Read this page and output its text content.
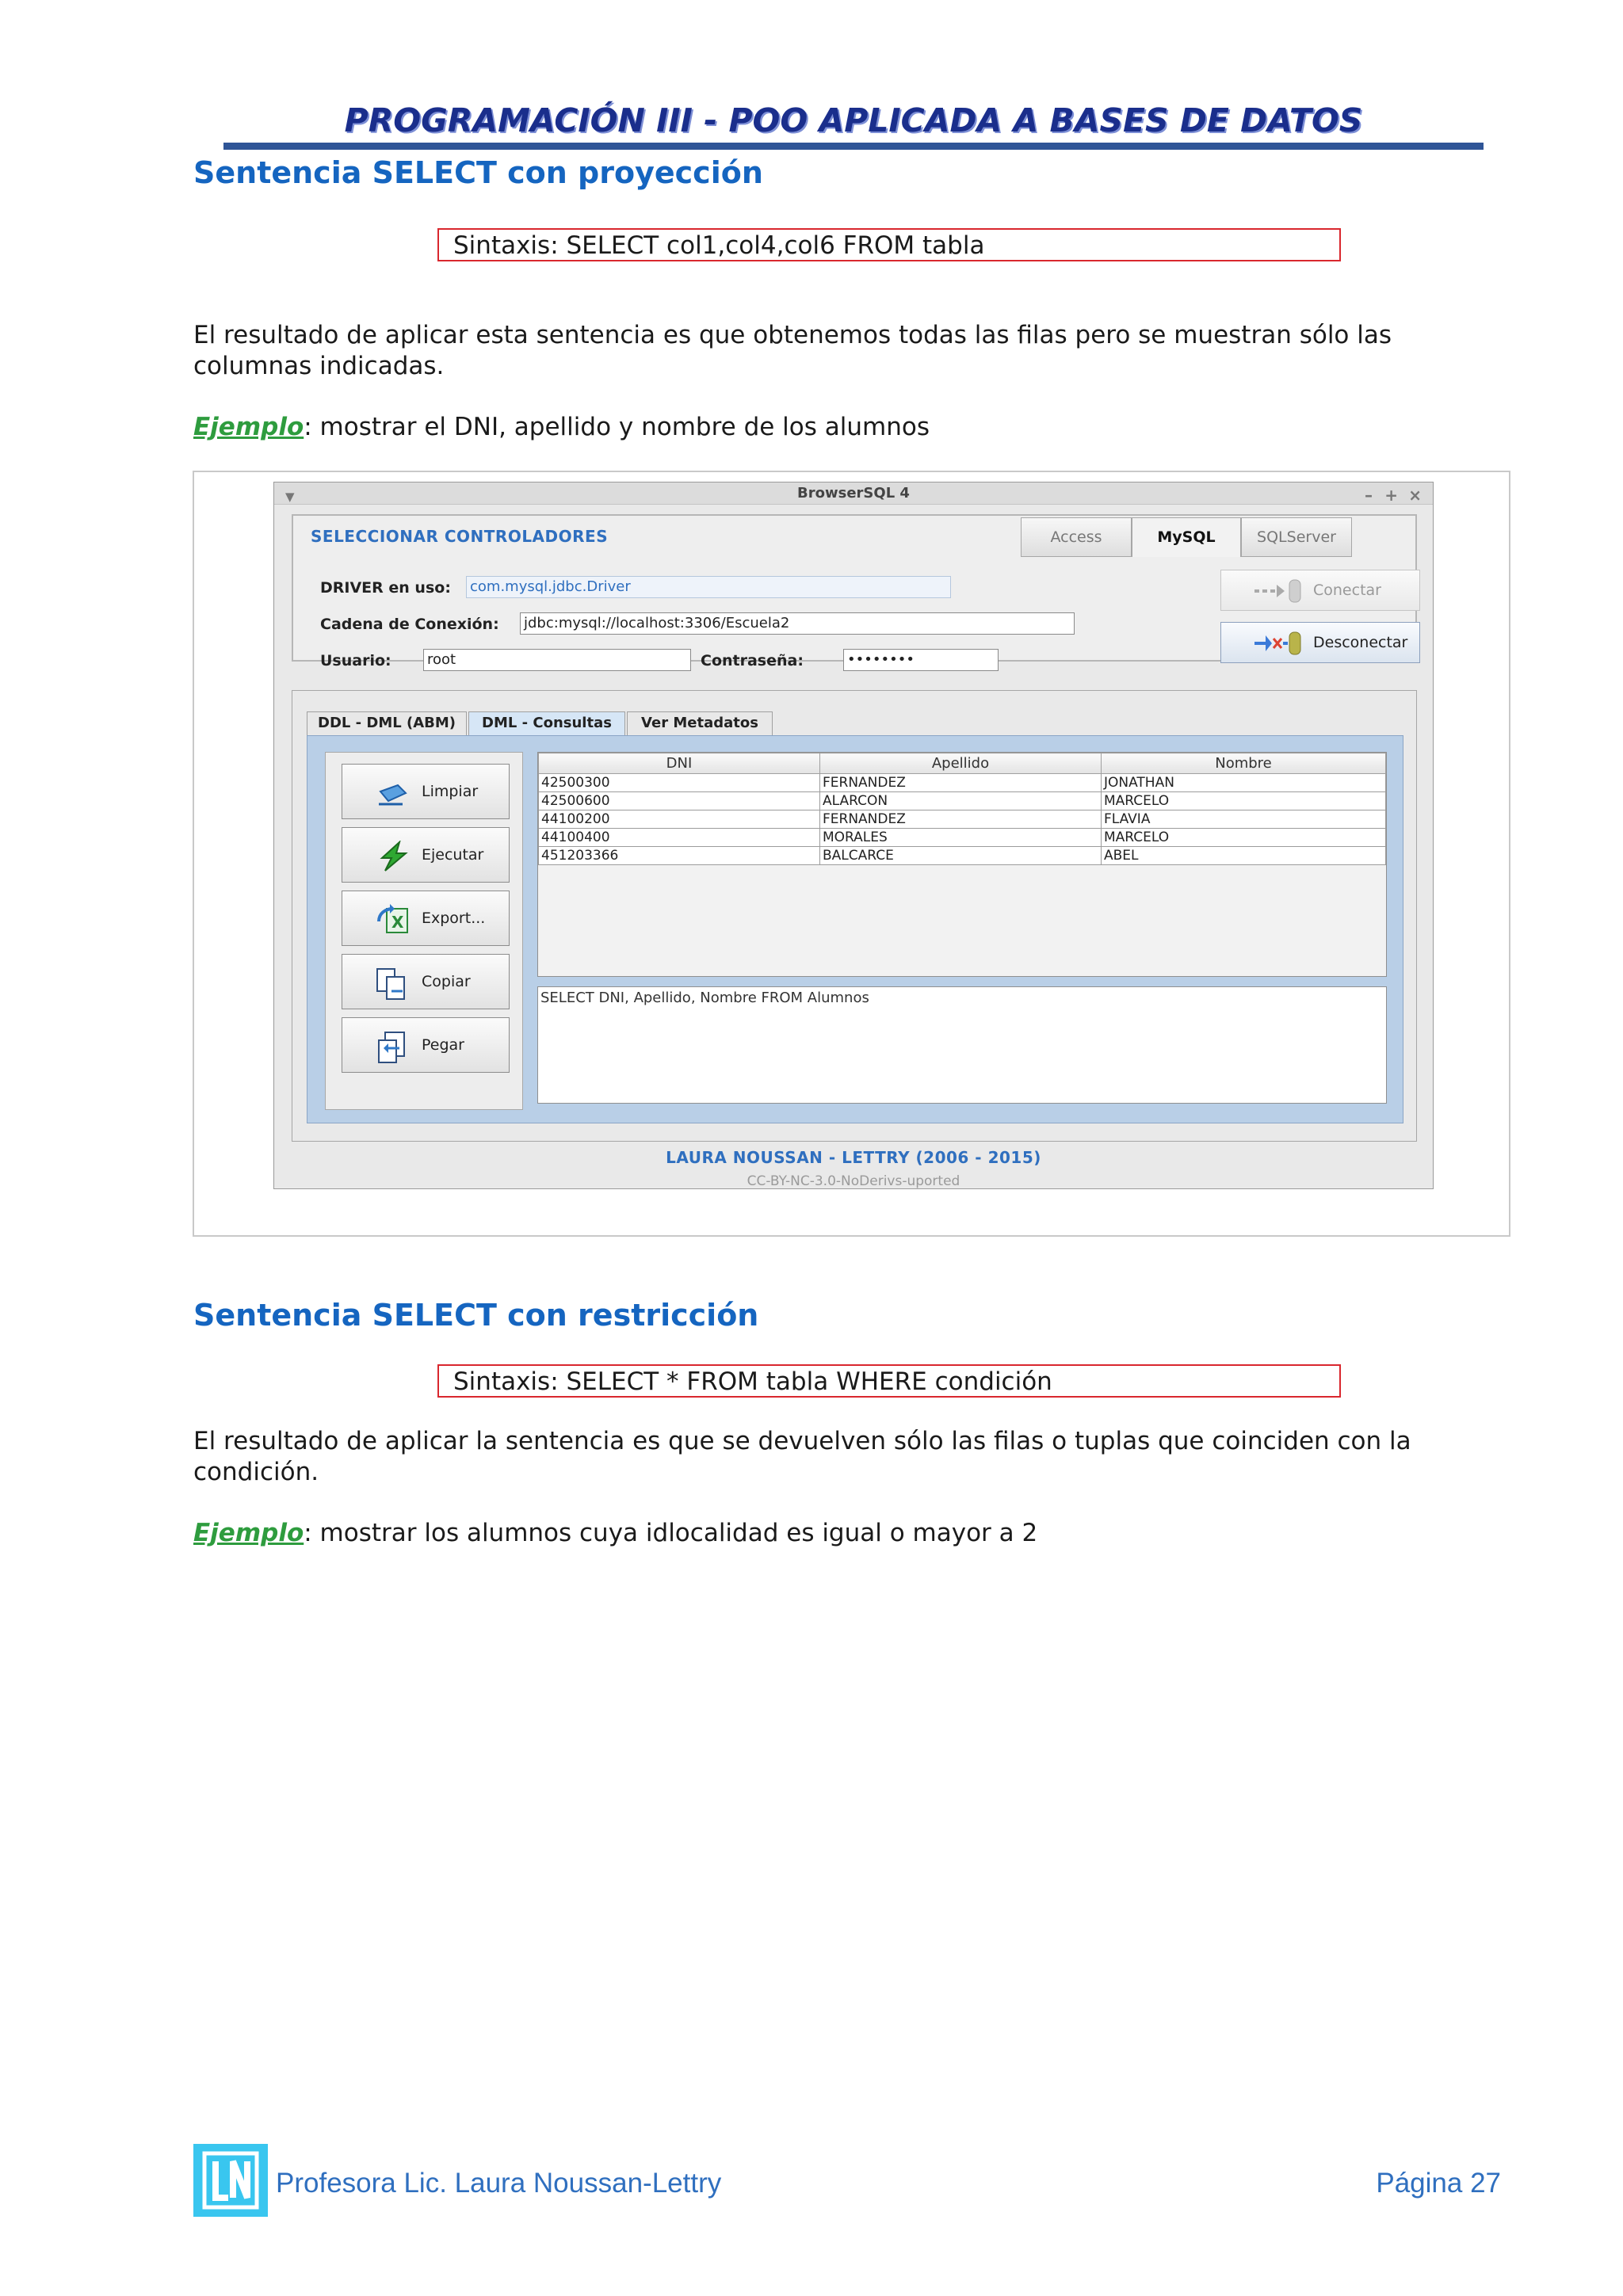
PROGRAMACIÓN III - POO APLICADA A BASES DE DATOS
Sentencia SELECT con proyección
Sintaxis: SELECT col1,col4,col6 FROM tabla
El resultado de aplicar esta sentencia es que obtenemos todas las filas pero se muestran sólo las columnas indicadas.
Ejemplo: mostrar el DNI, apellido y nombre de los alumnos
▼	BrowserSQL 4	– + ×
SELECCIONAR CONTROLADORES	Access	MySQL	SQLServer
DRIVER en uso: com.mysql.jdbc.Driver
Cadena de Conexión: jdbc:mysql://localhost:3306/Escuela2
Usuario:	root	Contraseña:	••••••••
Conectar
Desconectar
DDL - DML (ABM)	DML - Consultas	Ver Metadatos
Limpiar
Ejecutar
X Export...
Copiar
Pegar
DNI	Apellido	Nombre
42500300	FERNANDEZ	JONATHAN
42500600	ALARCON	MARCELO
44100200	FERNANDEZ	FLAVIA
44100400	MORALES	MARCELO
451203366	BALCARCE	ABEL
SELECT DNI, Apellido, Nombre FROM Alumnos
LAURA NOUSSAN - LETTRY (2006 - 2015)
CC-BY-NC-3.0-NoDerivs-uported
Sentencia SELECT con restricción
Sintaxis: SELECT * FROM tabla WHERE condición
El resultado de aplicar la sentencia es que se devuelven sólo las filas o tuplas que coinciden con la condición.
Ejemplo: mostrar los alumnos cuya idlocalidad es igual o mayor a 2
Profesora Lic. Laura Noussan-Lettry	Página 27
